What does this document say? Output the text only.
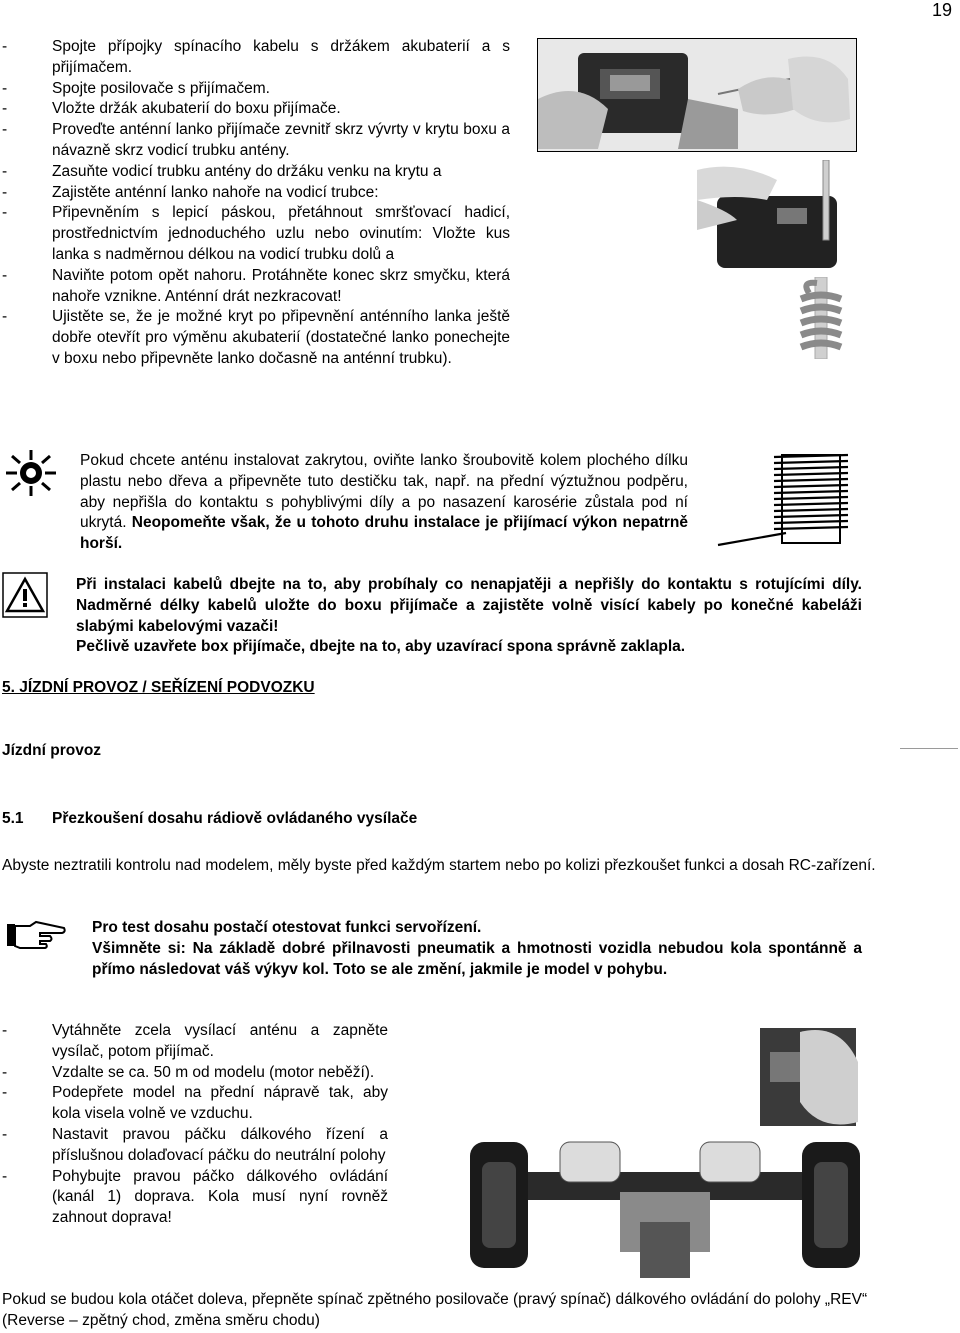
19
- Spojte přípojky spínacího kabelu s držákem akubaterií a s přijímačem.
- Spojte posilovače s přijímačem.
- Vložte držák akubaterií do boxu přijímače.
- Proveďte anténní lanko přijímače zevnitř skrz vývrty v krytu boxu a návazně skrz vodicí trubku antény.
- Zasuňte vodicí trubku antény do držáku venku na krytu a
- Zajistěte anténní lanko nahoře na vodicí trubce:
- Připevněním s lepicí páskou, přetáhnout smršťovací hadicí, prostřednictvím jednoduchého uzlu nebo ovinutím: Vložte kus lanka s nadměrnou délkou na vodicí trubku dolů a
- Naviňte potom opět nahoru. Protáhněte konec skrz smyčku, která nahoře vznikne. Anténní drát nezkracovat!
- Ujistěte se, že je možné kryt po připevnění anténního lanka ještě dobře otevřít pro výměnu akubaterií (dostatečné lanko ponechejte v boxu nebo připevněte lanko dočasně na anténní trubku).

Pokud chcete anténu instalovat zakrytou, oviňte lanko šroubovitě kolem plochého dílku plastu nebo dřeva a připevněte tuto destičku tak, např. na přední výztužnou podpěru, aby nepřišla do kontaktu s pohyblivými díly a po nasazení karosérie zůstala pod ní ukrytá. Neopomeňte však, že u tohoto druhu instalace je přijímací výkon nepatrně horší.

Při instalaci kabelů dbejte na to, aby probíhaly co nenapjatěji a nepřišly do kontaktu s rotujícími díly. Nadměrné délky kabelů uložte do boxu přijímače a zajistěte volně visící kabely po konečné kabeláži slabými kabelovými vazači!
Pečlivě uzavřete box přijímače, dbejte na to, aby uzavírací spona správně zaklapla.
5. JÍZDNÍ PROVOZ / SEŘÍZENÍ PODVOZKU
Jízdní provoz
5.1 Přezkoušení dosahu rádiově ovládaného vysílače

Abyste neztratili kontrolu nad modelem, měly byste před každým startem nebo po kolizi přezkoušet funkci a dosah RC-zařízení.

Pro test dosahu postačí otestovat funkci servořízení.
Všimněte si: Na základě dobré přilnavosti pneumatik a hmotnosti vozidla nebudou kola spontánně a přímo následovat váš výkyv kol. Toto se ale změní, jakmile je model v pohybu.
- Vytáhněte zcela vysílací anténu a zapněte vysílač, potom přijímač.
- Vzdalte se ca. 50 m od modelu (motor neběží).
- Podepřete model na přední nápravě tak, aby kola visela volně ve vzduchu.
- Nastavit pravou páčku dálkového řízení a příslušnou dolaďovací páčku do neutrální polohy
- Pohybujte pravou páčko dálkového ovládání (kanál 1) doprava. Kola musí nyní rovněž zahnout doprava!

Pokud se budou kola otáčet doleva, přepněte spínač zpětného posilovače (pravý spínač) dálkového ovládání do polohy „REV“ (Reverse – zpětný chod, změna směru chodu)
